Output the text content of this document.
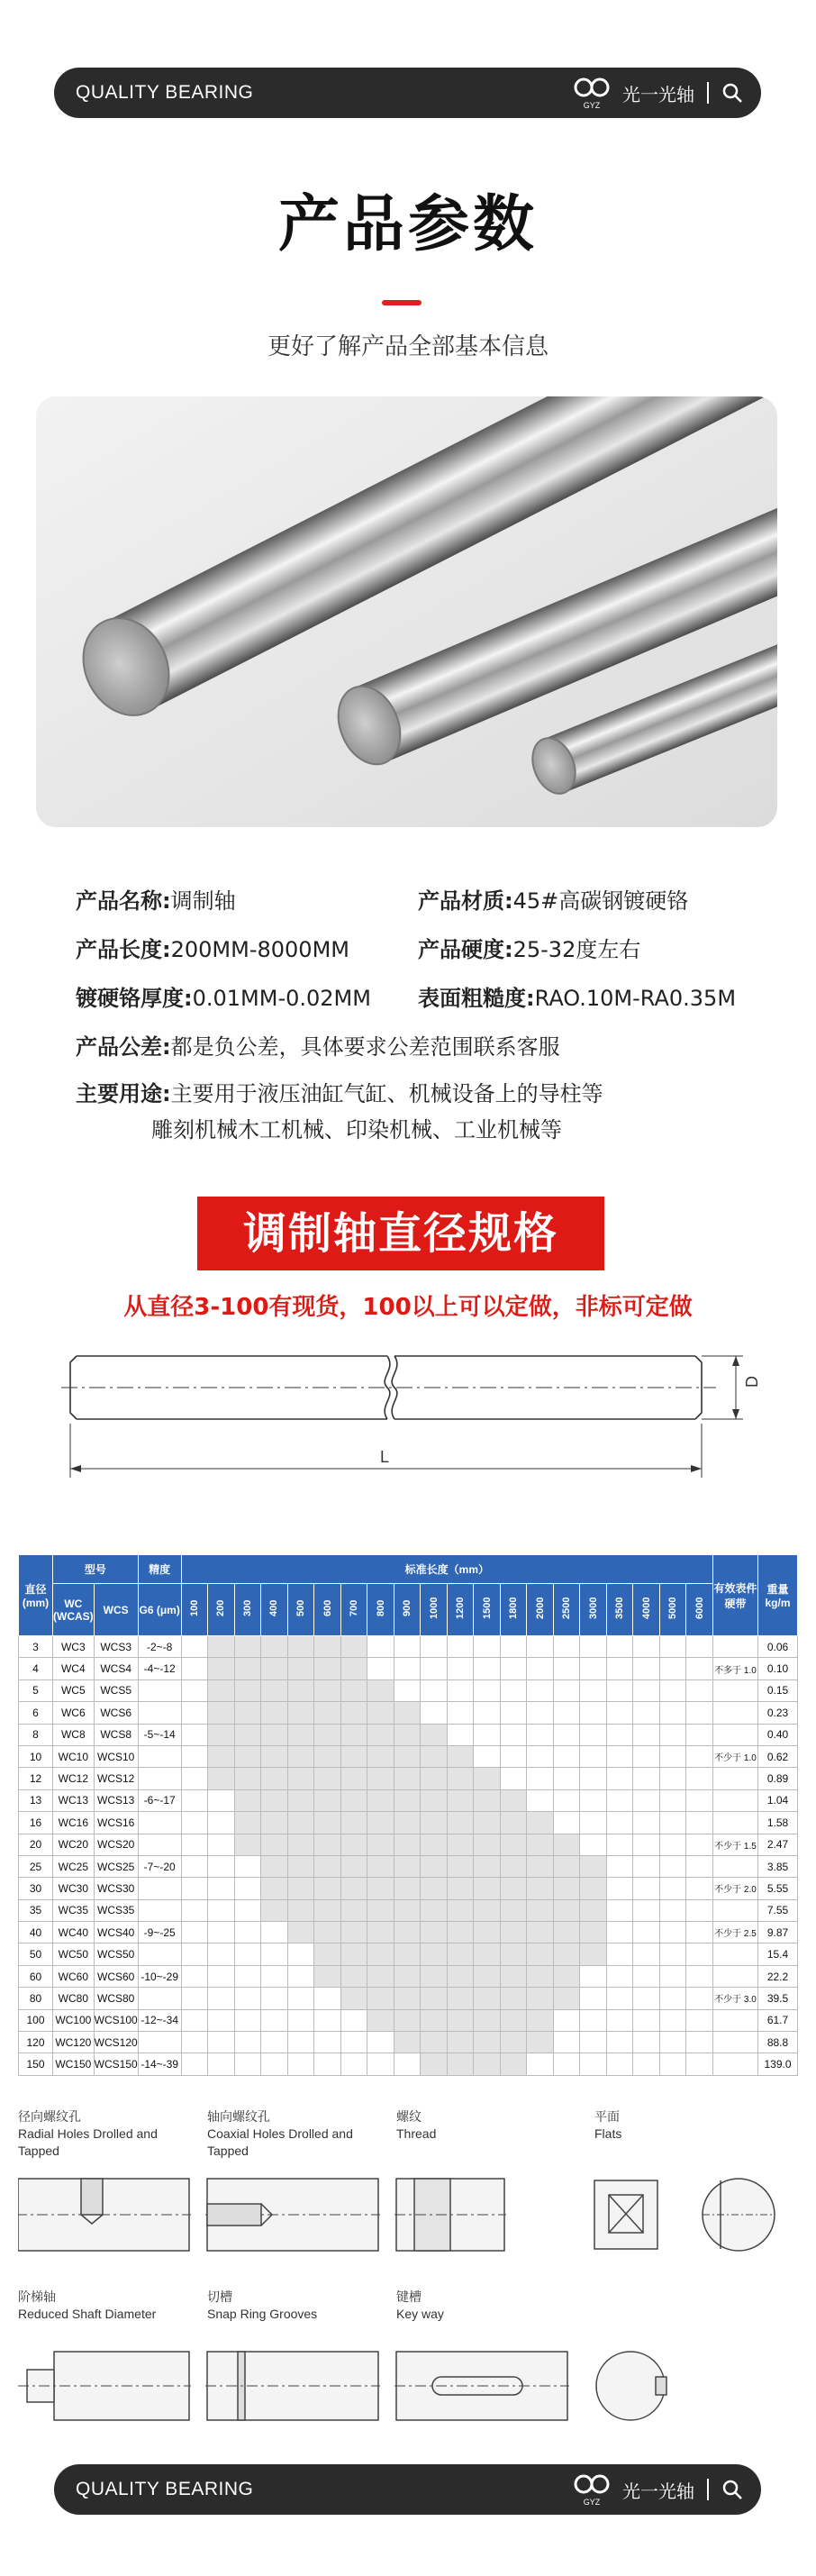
QUALITY BEARING
GYZ
光一光轴
产品参数
更好了解产品全部基本信息
产品名称:调制轴	产品材质:45#高碳钢镀硬铬
产品长度:200MM-8000MM	产品硬度:25-32度左右
镀硬铬厚度:0.01MM-0.02MM	表面粗糙度:RAO.10M-RA0.35M
产品公差:都是负公差，具体要求公差范围联系客服
主要用途:主要用于液压油缸气缸、机械设备上的导柱等
雕刻机械木工机械、印染机械、工业机械等
调制轴直径规格
从直径3-100有现货，100以上可以定做，非标可定做
D
L
直径 (mm)	型号		精度	标准长度（mm）																				有效表件硬带	重量 kg/m
	WC (WCAS)	WCS	G6 (μm)	100	200	300	400	500	600	700	800	900	1000	1200	1500	1800	2000	2500	3000	3500	4000	5000	6000		
3	WC3	WCS3	-2~-8																						0.06
4	WC4	WCS4	-4~-12																					不多于 1.0	0.10
5	WC5	WCS5																							0.15
6	WC6	WCS6																							0.23
8	WC8	WCS8	-5~-14																						0.40
10	WC10	WCS10																						不少于 1.0	0.62
12	WC12	WCS12																							0.89
13	WC13	WCS13	-6~-17																						1.04
16	WC16	WCS16																							1.58
20	WC20	WCS20																						不少于 1.5	2.47
25	WC25	WCS25	-7~-20																						3.85
30	WC30	WCS30																						不少于 2.0	5.55
35	WC35	WCS35																							7.55
40	WC40	WCS40	-9~-25																					不少于 2.5	9.87
50	WC50	WCS50																							15.4
60	WC60	WCS60	-10~-29																						22.2
80	WC80	WCS80																						不少于 3.0	39.5
100	WC100	WCS100	-12~-34																						61.7
120	WC120	WCS120																							88.8
150	WC150	WCS150	-14~-39																						139.0
径向螺纹孔
Radial Holes Drolled and Tapped
轴向螺纹孔
Coaxial Holes Drolled and Tapped
螺纹
Thread
平面
Flats
阶梯轴
Reduced Shaft Diameter
切槽
Snap Ring Grooves
键槽
Key way
QUALITY BEARING
GYZ
光一光轴
